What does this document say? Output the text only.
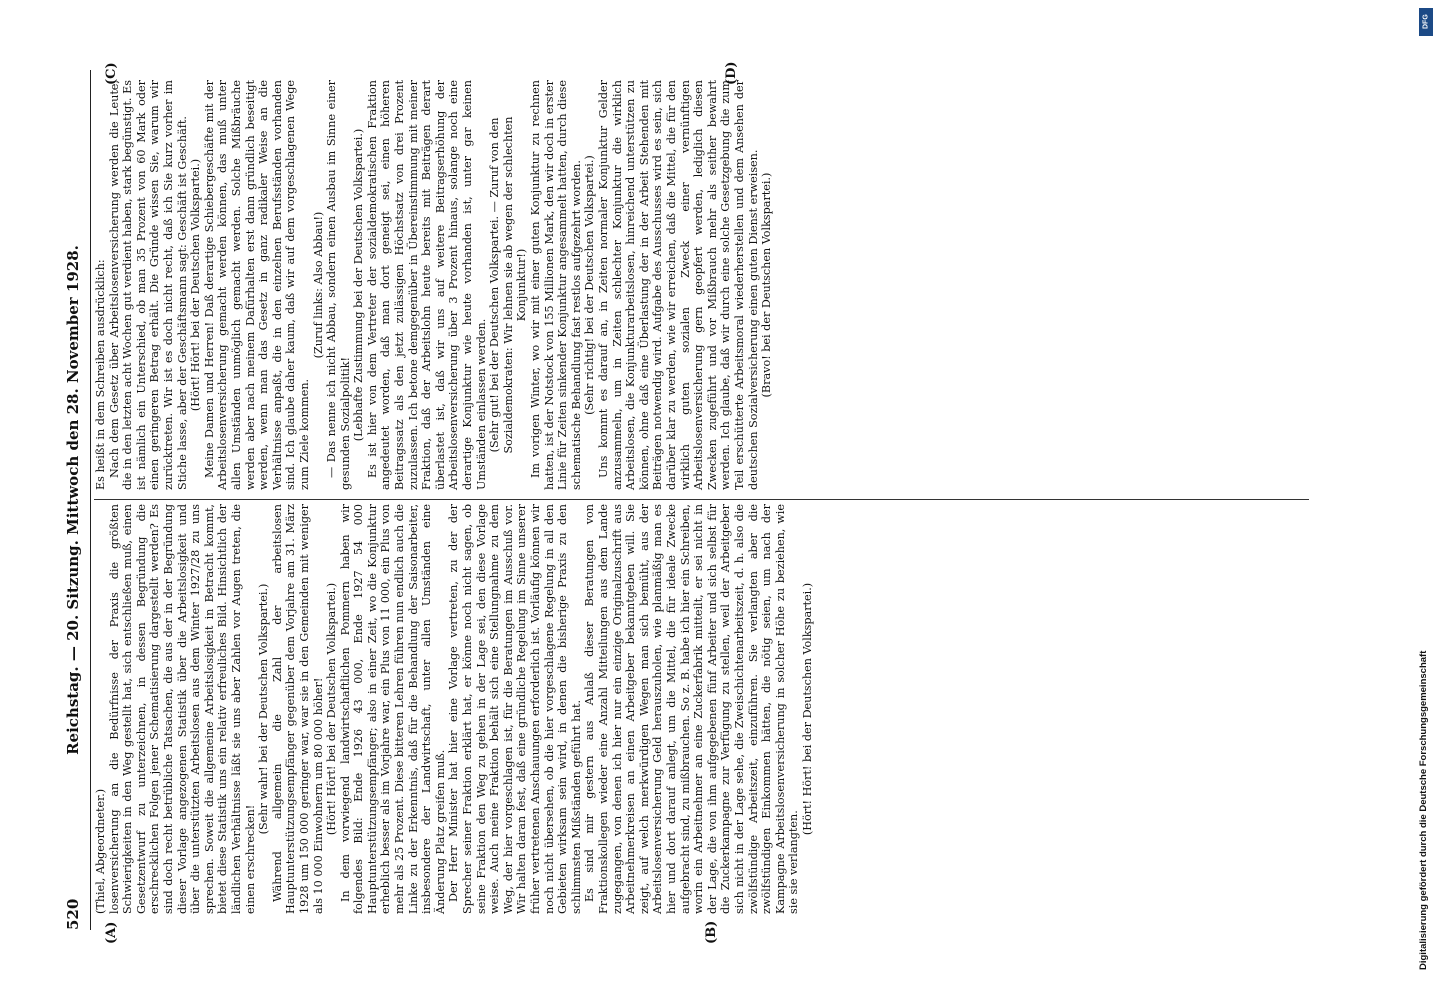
520
Reichstag. — 20. Sitzung. Mittwoch den 28. November 1928.
(A)	(B)
(C)	(D)

(Thiel, Abgeordneter.) losenversicherung an die Bedürfnisse der Praxis die größten Schwierigkeiten in den Weg gestellt hat, sich entschließen muß, einen Gesetzentwurf zu unterzeichnen, in dessen Begründung die erschrecklichen Folgen jener Schematisierung dargestellt werden? Es sind doch recht betrübliche Tatsachen, die aus der in der Begründung dieser Vorlage angezogenen Statistik über die Arbeitslosigkeit und über die unterstützten Arbeitslosen aus dem Winter 1927/28 zu uns sprechen. Soweit die allgemeine Arbeitslosigkeit in Betracht kommt, bietet diese Statistik uns ein relativ erfreuliches Bild. Hinsichtlich der ländlichen Verhältnisse läßt sie uns aber Zahlen vor Augen treten, die einen erschrecken!

(Sehr wahr! bei der Deutschen Volkspartei.) Während allgemein die Zahl der arbeitslosen Hauptunterstützungsempfänger gegenüber dem Vorjahre am 31. März 1928 um 150 000 geringer war, war sie in den Gemeinden mit weniger als 10 000 Einwohnern um 80 000 höher! (Hört! Hört! bei der Deutschen Volkspartei.) In dem vorwiegend landwirtschaftlichen Pommern haben wir folgendes Bild: Ende 1926 43 000, Ende 1927 54 000 Hauptunterstützungsempfänger; also in einer Zeit, wo die Konjunktur erheblich besser als im Vorjahre war, ein Plus von 11 000, ein Plus von mehr als 25 Prozent. Diese bitteren Lehren führen nun endlich auch die Linke zu der Erkenntnis, daß für die Behandlung der Saisonarbeiter, insbesondere der Landwirtschaft, unter allen Umständen eine Änderung Platz greifen muß. Der Herr Minister hat hier eine Vorlage vertreten, zu der der Sprecher seiner Fraktion erklärt hat, er könne noch nicht sagen, ob seine Fraktion den Weg zu gehen in der Lage sei, den diese Vorlage weise. Auch meine Fraktion behält sich eine Stellungnahme zu dem Weg, der hier vorgeschlagen ist, für die Beratungen im Ausschuß vor. Wir halten daran fest, daß eine gründliche Regelung im Sinne unserer früher vertretenen Anschauungen erforderlich ist. Vorläufig können wir noch nicht übersehen, ob die hier vorgeschlagene Regelung in all den Gebieten wirksam sein wird, in denen die bisherige Praxis zu den schlimmsten Mißständen geführt hat. Es sind mir gestern aus Anlaß dieser Beratungen von Fraktionskollegen wieder eine Anzahl Mitteilungen aus dem Lande zugegangen, von denen ich hier nur ein einzige Originalzuschrift aus Arbeitnehmerkreisen an einen Arbeitgeber bekanntgeben will. Sie zeigt, auf welch merkwürdigen Wegen man sich bemüht, aus der Arbeitslosenversicherung Geld herauszuholen, wie planmäßig man es hier und dort darauf anlegt, um die Mittel, die für ideale Zwecke aufgebracht sind, zu mißbrauchen. So z. B. habe ich hier ein Schreiben, worin ein Arbeitnehmer an eine Zuckerfabrik mitteilt, er sei nicht in der Lage, die von ihm aufgegebenen fünf Arbeiter und sich selbst für die Zuckerkampagne zur Verfügung zu stellen, weil der Arbeitgeber sich nicht in der Lage sehe, die Zweischichtenarbeitszeit, d. h. also die zwölfstündige Arbeitszeit, einzuführen. Sie verlangten aber die zwölfstündigen Einkommen hätten, die nötig seien, um nach der Kampagne Arbeitslosenversicherung in solcher Höhe zu beziehen, wie sie sie verlangten.

(Hört! Hört! bei der Deutschen Volkspartei.)

Es heißt in dem Schreiben ausdrücklich: Nach dem Gesetz über Arbeitslosenversicherung werden die Leute, die in den letzten acht Wochen gut verdient haben, stark begünstigt. Es ist nämlich ein Unterschied, ob man 35 Prozent von 60 Mark oder einen geringeren Betrag erhält. Die Gründe wissen Sie, warum wir zurücktreten. Wir ist es doch nicht recht, daß ich Sie kurz vorher im Stiche lasse, aber der Geschäftsmann sagt: Geschäft ist Geschäft. (Hört! Hört! bei der Deutschen Volkspartei.) Meine Damen und Herren! Daß derartige Schiebergeschäfte mit der Arbeitslosenversicherung gemacht werden können, das muß unter allen Umständen unmöglich gemacht werden. Solche Mißbräuche werden aber nach meinem Dafürhalten erst dann gründlich beseitigt werden, wenn man das Gesetz in ganz radikaler Weise an die Verhältnisse anpaßt, die in den einzelnen Berufsständen vorhanden sind. Ich glaube daher kaum, daß wir auf dem vorgeschlagenen Wege zum Ziele kommen.

(Zuruf links: Also Abbau!) — Das nenne ich nicht Abbau, sondern einen Ausbau im Sinne einer gesunden Sozialpolitik! (Lebhafte Zustimmung bei der Deutschen Volkspartei.) Es ist hier von dem Vertreter der sozialdemokratischen Fraktion angedeutet worden, daß man dort geneigt sei, einen höheren Beitragssatz als den jetzt zulässigen Höchstsatz von drei Prozent zuzulassen. Ich betone demgegenüber in Übereinstimmung mit meiner Fraktion, daß der Arbeitslohn heute bereits mit Beiträgen derart überlastet ist, daß wir uns auf weitere Beitragserhöhung der Arbeitslosenversicherung über 3 Prozent hinaus, solange noch eine derartige Konjunktur wie heute vorhanden ist, unter gar keinen Umständen einlassen werden. (Sehr gut! bei der Deutschen Volkspartei. — Zuruf von den Sozialdemokraten: Wir lehnen sie ab wegen der schlechten Konjunktur!) Im vorigen Winter, wo wir mit einer guten Konjunktur zu rechnen hatten, ist der Notstock von 155 Millionen Mark, den wir doch in erster Linie für Zeiten sinkender Konjunktur angesammelt hatten, durch diese schematische Behandlung fast restlos aufgezehrt worden. (Sehr richtig! bei der Deutschen Volkspartei.) Uns kommt es darauf an, in Zeiten normaler Konjunktur Gelder anzusammeln, um in Zeiten schlechter Konjunktur die wirklich Arbeitslosen, die Konjunkturarbeitslosen, hinreichend unterstützen zu können, ohne daß eine Überlastung der in der Arbeit Stehenden mit Beiträgen notwendig wird. Aufgabe des Ausschusses wird es sein, sich darüber klar zu werden, wie wir erreichen, daß die Mittel, die für den wirklich guten sozialen Zweck einer vernünftigen Arbeitslosenversicherung gern geopfert werden, lediglich diesen Zwecken zugeführt und vor Mißbrauch mehr als seither bewahrt werden. Ich glaube, daß wir durch eine solche Gesetzgebung die zum Teil erschütterte Arbeitsmoral wiederherstellen und dem Ansehen der deutschen Sozialversicherung einen guten Dienst erweisen. (Bravo! bei der Deutschen Volkspartei.)

Digitalisierung gefördert durch die Deutsche Forschungsgemeinschaft
DFG
